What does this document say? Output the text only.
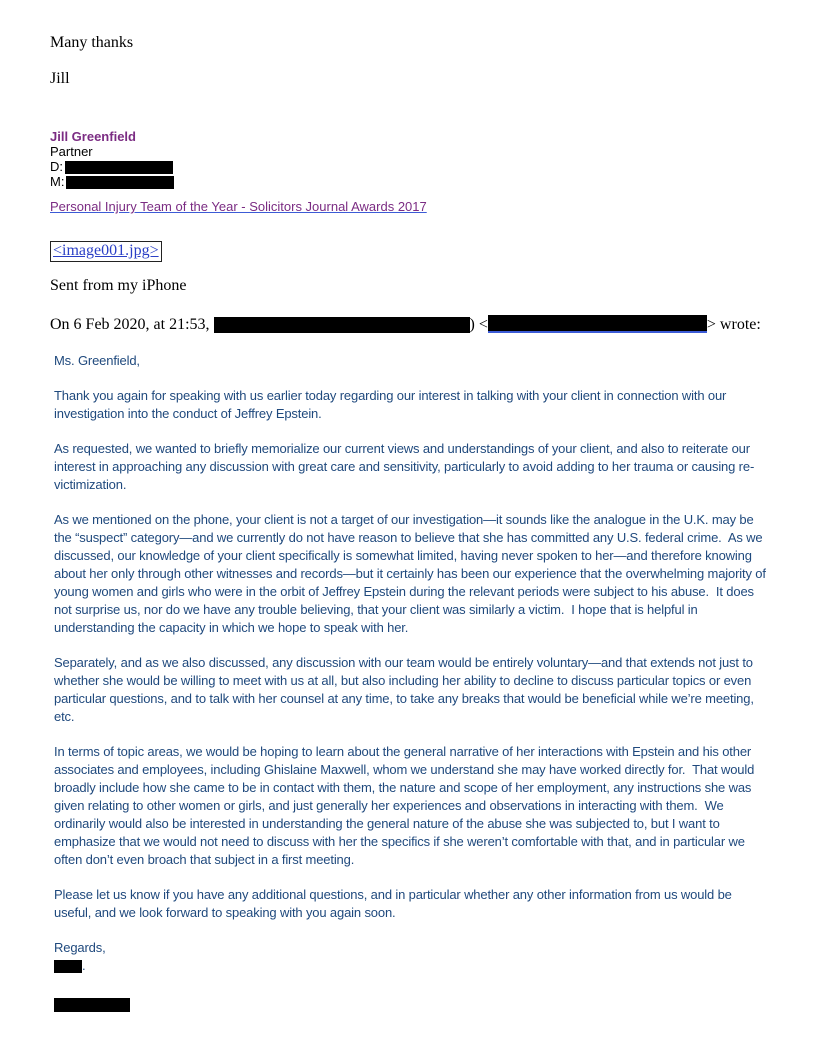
Many thanks
Jill
Jill Greenfield
Partner
D:
M:
Personal Injury Team of the Year - Solicitors Journal Awards 2017
<image001.jpg>
Sent from my iPhone
On 6 Feb 2020, at 21:53,	) <	> wrote:

Ms. Greenfield,

Thank you again for speaking with us earlier today regarding our interest in talking with your client in connection with our investigation into the conduct of Jeffrey Epstein.

As requested, we wanted to briefly memorialize our current views and understandings of your client, and also to reiterate our interest in approaching any discussion with great care and sensitivity, particularly to avoid adding to her trauma or causing re-victimization.

As we mentioned on the phone, your client is not a target of our investigation—it sounds like the analogue in the U.K. may be the “suspect” category—and we currently do not have reason to believe that she has committed any U.S. federal crime.  As we discussed, our knowledge of your client specifically is somewhat limited, having never spoken to her—and therefore knowing about her only through other witnesses and records—but it certainly has been our experience that the overwhelming majority of young women and girls who were in the orbit of Jeffrey Epstein during the relevant periods were subject to his abuse.  It does not surprise us, nor do we have any trouble believing, that your client was similarly a victim.  I hope that is helpful in understanding the capacity in which we hope to speak with her.

Separately, and as we also discussed, any discussion with our team would be entirely voluntary—and that extends not just to whether she would be willing to meet with us at all, but also including her ability to decline to discuss particular topics or even particular questions, and to talk with her counsel at any time, to take any breaks that would be beneficial while we’re meeting, etc.

In terms of topic areas, we would be hoping to learn about the general narrative of her interactions with Epstein and his other associates and employees, including Ghislaine Maxwell, whom we understand she may have worked directly for.  That would broadly include how she came to be in contact with them, the nature and scope of her employment, any instructions she was given relating to other women or girls, and just generally her experiences and observations in interacting with them.  We ordinarily would also be interested in understanding the general nature of the abuse she was subjected to, but I want to emphasize that we would not need to discuss with her the specifics if she weren’t comfortable with that, and in particular we often don’t even broach that subject in a first meeting.

Please let us know if you have any additional questions, and in particular whether any other information from us would be useful, and we look forward to speaking with you again soon.

Regards,
.
